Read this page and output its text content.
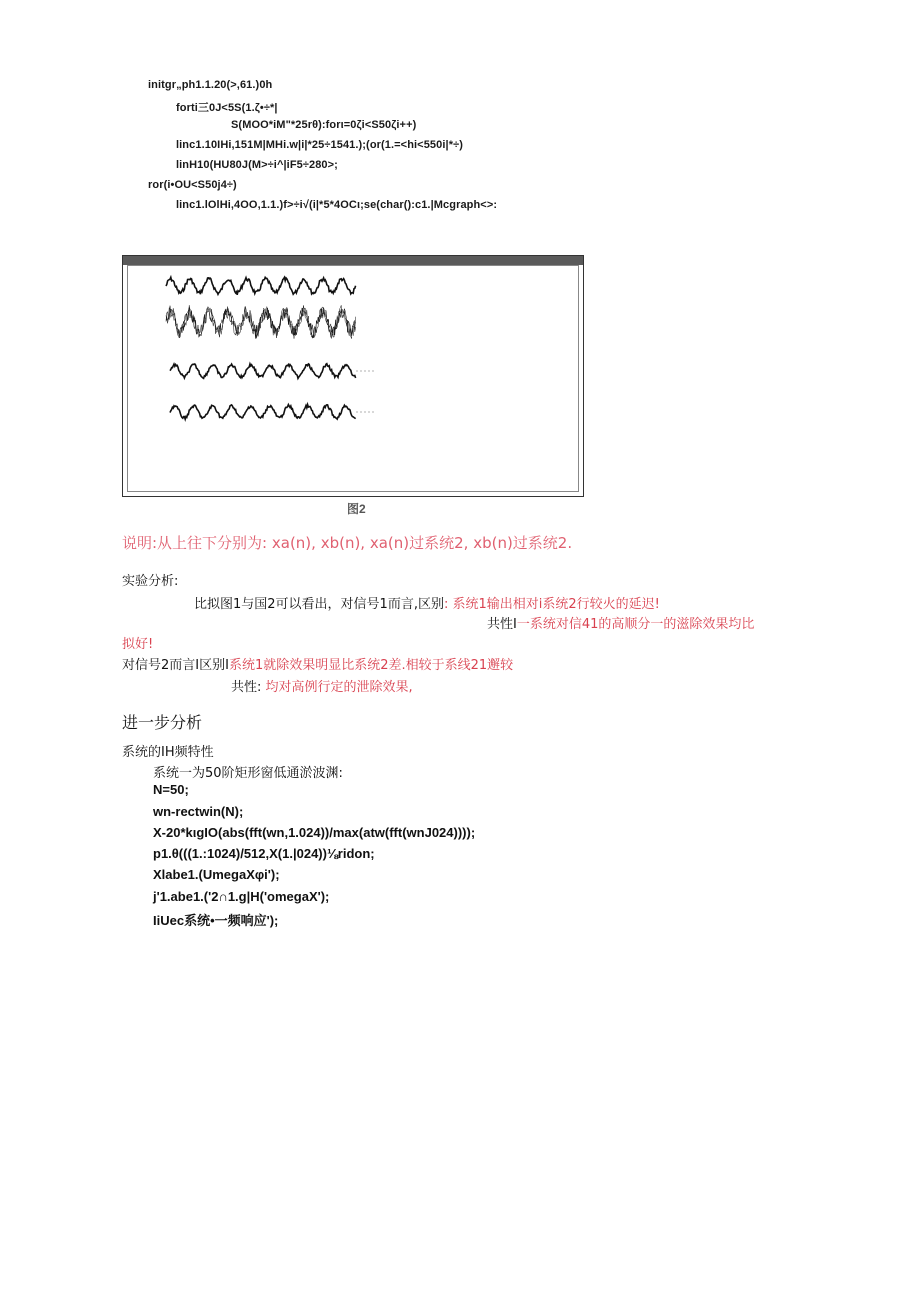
initgr„ph1.1.20(>,61.)0h
forti三0J<5S(1.ζ•÷*|
S(MOO*iM"*25rθ):forι=0ζi<S50ζi++)
linc1.10IHi,151M|MHi.w|i|*25÷1541.);(or(1.=<hi<550i|*÷)
linH10(HU80J(M>÷i^|iF5÷280>;
ror(i•OU<S50j4÷)
linc1.lOlHi,4OO,1.1.)f>÷i√(i|*5*4OCι;se(char():c1.|Mcgraph<>:
图2
说明:从上往下分别为: xa(n), xb(n), xa(n)过系统2, xb(n)过系统2.
实验分析:
比拟图1与国2可以看出，对信号1而言,区别: 系统1输出相对i系统2行较火的延迟!
共性I一系统对信41的高顺分一的滋除效果均比
拟好!
对信号2而言I区别I系统1就除效果明显比系统2差.相较于系线21邂较
共性: 均对高例行定的泄除效果,
进一步分析
系统的IH频特性
系统一为50阶矩形窗低通淤波渊:
N=50;
wn-rectwin(N);
X-20*kιgIO(abs(fft(wn,1.024))/max(atw(fft(wnJ024))));
p1.θ(((1.:1024)/512,X(1.|024))⅛ridon;
Xlabe1.(UmegaXφi');
j'1.abe1.('2∩1.g|H('omegaX');
IiUec系统•一频响应');
